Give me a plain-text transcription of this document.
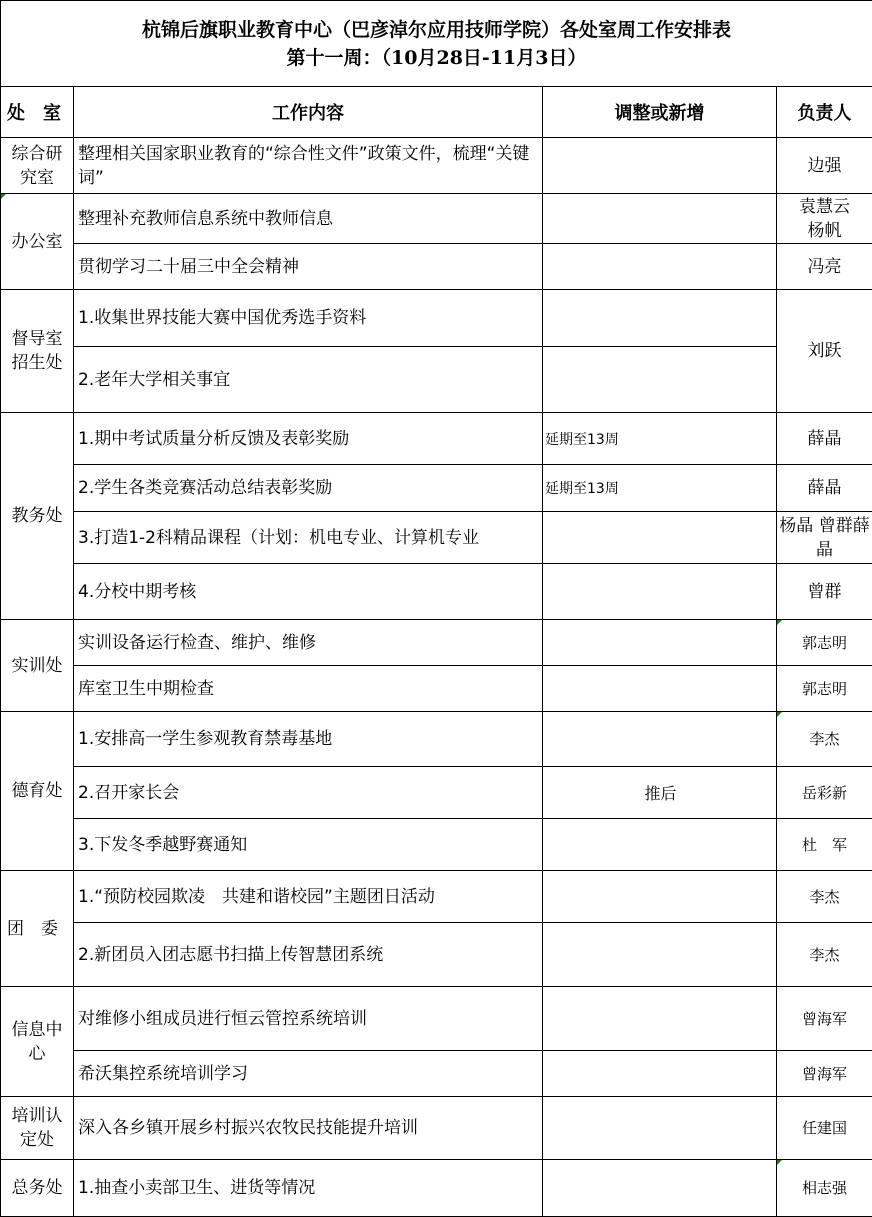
杭锦后旗职业教育中心（巴彦淖尔应用技师学院）各处室周工作安排表
第十一周：（10月28日-11月3日）			

处　室	工作内容	调整或新增	负责人
综合研究室	整理相关国家职业教育的“综合性文件”政策文件，梳理“关键词”		边强
办公室	整理补充教师信息系统中教师信息		袁慧云杨帆
	贯彻学习二十届三中全会精神		冯亮
督导室招生处	1.收集世界技能大赛中国优秀选手资料		刘跃
	2.老年大学相关事宜		
教务处	1.期中考试质量分析反馈及表彰奖励	延期至13周	薛晶
	2.学生各类竞赛活动总结表彰奖励	延期至13周	薛晶
	3.打造1-2科精品课程（计划：机电专业、计算机专业		杨晶 曾群薛晶
	4.分校中期考核		曾群
实训处	实训设备运行检查、维护、维修		郭志明
	库室卫生中期检查		郭志明
德育处	1.安排高一学生参观教育禁毒基地		李杰
	2.召开家长会	推后	岳彩新
	3.下发冬季越野赛通知		杜　军
团　委	1.“预防校园欺凌　共建和谐校园”主题团日活动		李杰
	2.新团员入团志愿书扫描上传智慧团系统		李杰
信息中心	对维修小组成员进行恒云管控系统培训		曾海军
	希沃集控系统培训学习		曾海军
培训认定处	深入各乡镇开展乡村振兴农牧民技能提升培训		任建国
总务处	1.抽查小卖部卫生、进货等情况		相志强
